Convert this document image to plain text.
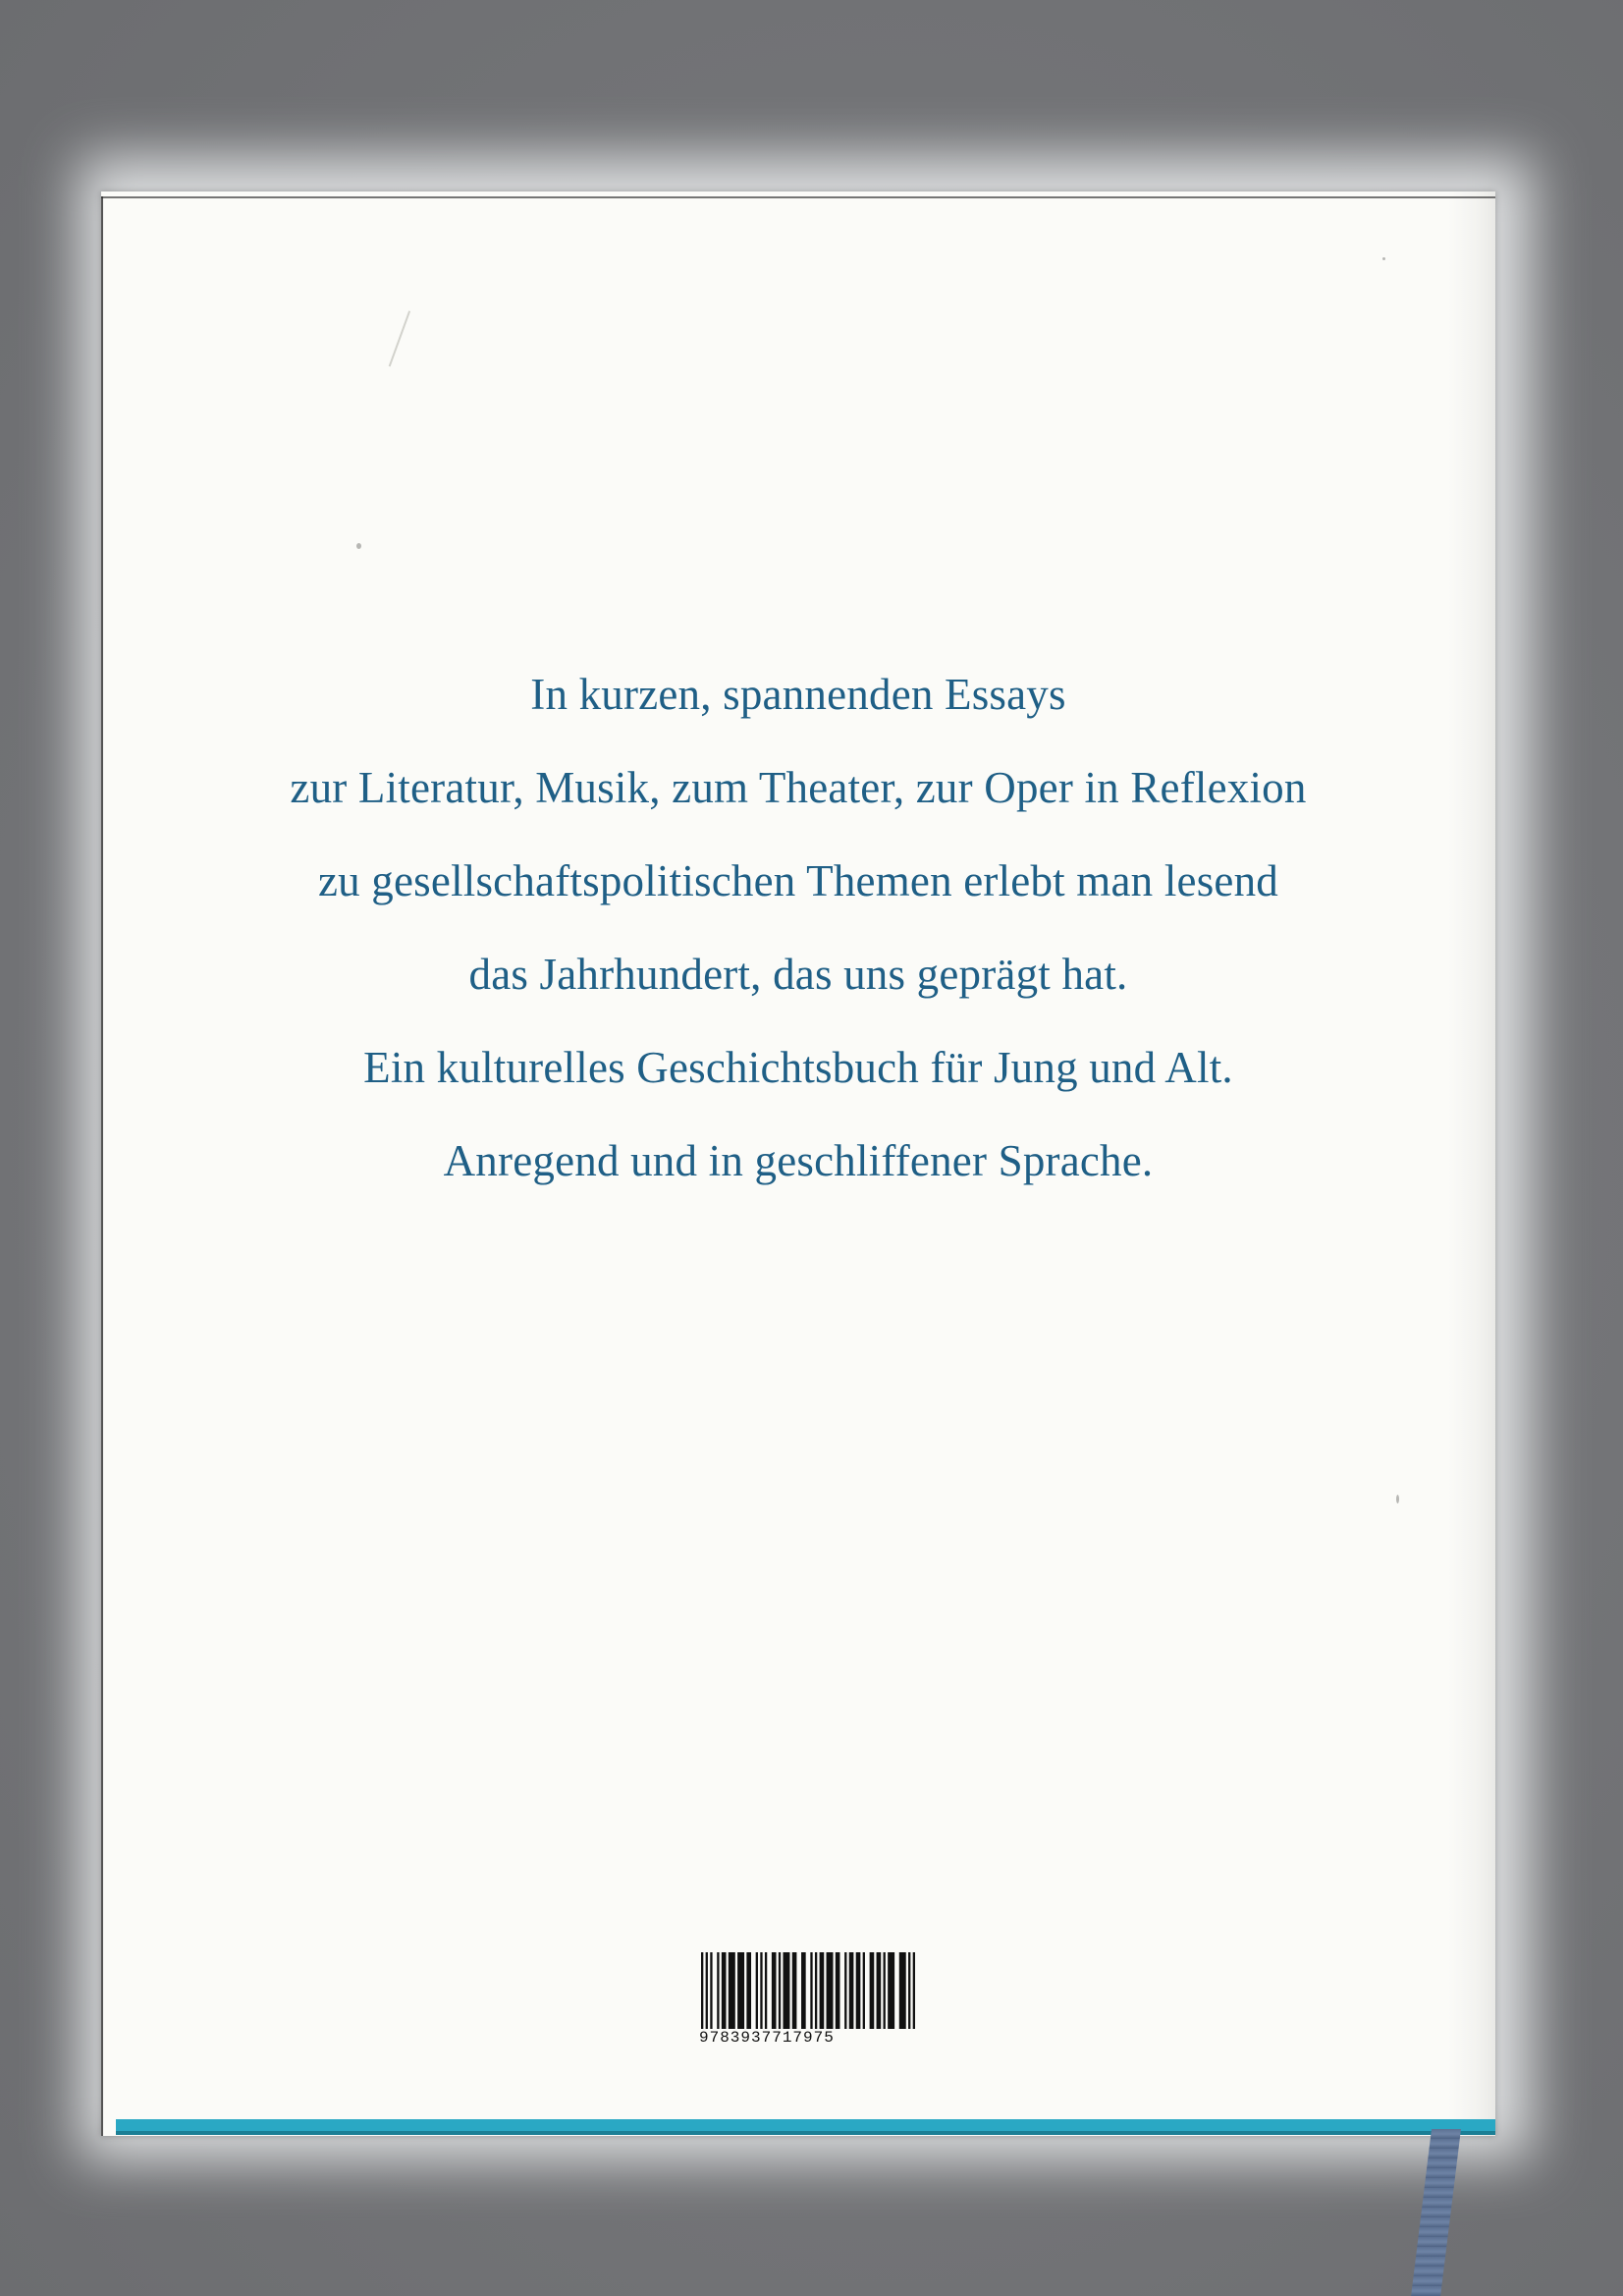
In kurzen, spannenden Essays
zur Literatur, Musik, zum Theater, zur Oper in Reflexion
zu gesellschaftspolitischen Themen erlebt man lesend
das Jahrhundert, das uns geprägt hat.
Ein kulturelles Geschichtsbuch für Jung und Alt.
Anregend und in geschliffener Sprache.
9783937717975
